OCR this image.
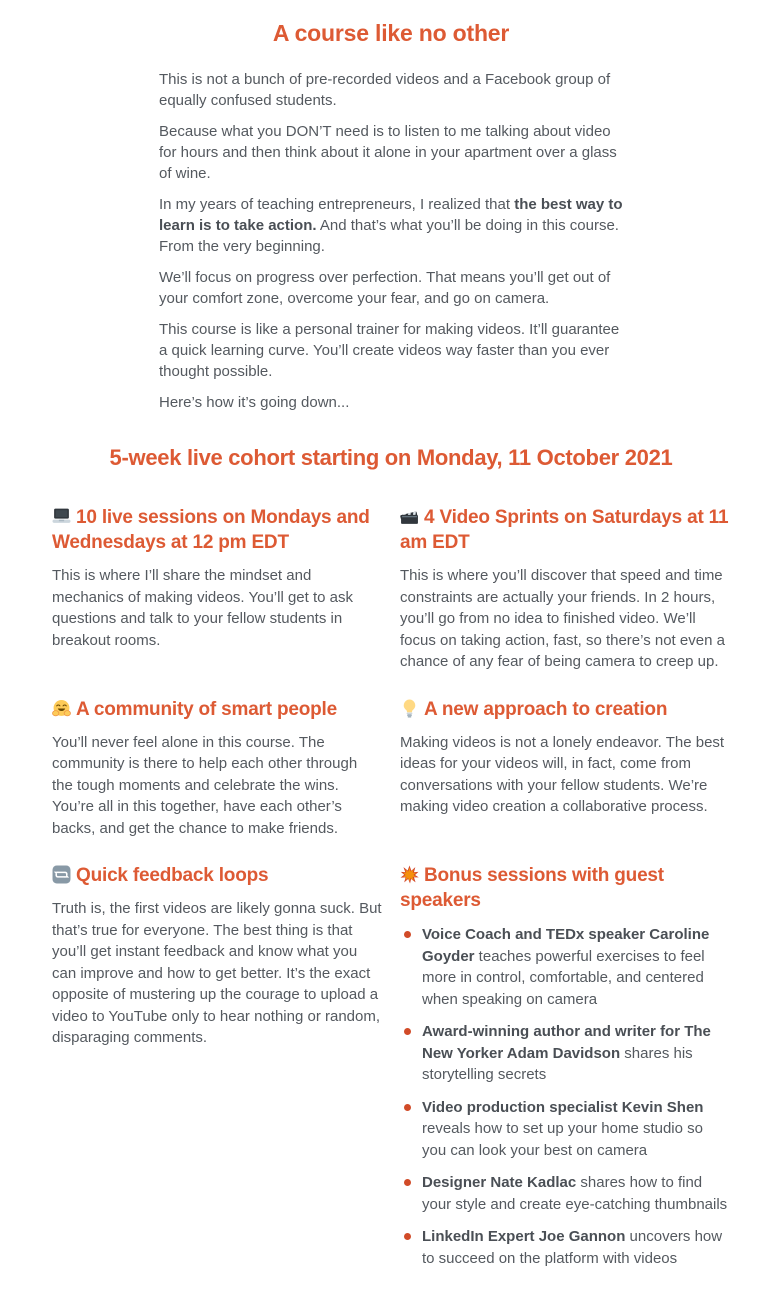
A course like no other

This is not a bunch of pre-recorded videos and a Facebook group of equally confused students.

Because what you DON’T need is to listen to me talking about video for hours and then think about it alone in your apartment over a glass of wine.

In my years of teaching entrepreneurs, I realized that the best way to learn is to take action. And that’s what you’ll be doing in this course. From the very beginning.

We’ll focus on progress over perfection. That means you’ll get out of your comfort zone, overcome your fear, and go on camera.

This course is like a personal trainer for making videos. It’ll guarantee a quick learning curve. You’ll create videos way faster than you ever thought possible.

Here’s how it’s going down...

5-week live cohort starting on Monday, 11 October 2021
10 live sessions on Mondays and Wednesdays at 12 pm EDT

This is where I’ll share the mindset and mechanics of making videos. You’ll get to ask questions and talk to your fellow students in breakout rooms.

4 Video Sprints on Saturdays at 11 am EDT

This is where you’ll discover that speed and time constraints are actually your friends. In 2 hours, you’ll go from no idea to finished video. We’ll focus on taking action, fast, so there’s not even a chance of any fear of being camera to creep up.

A community of smart people

You’ll never feel alone in this course. The community is there to help each other through the tough moments and celebrate the wins. You’re all in this together, have each other’s backs, and get the chance to make friends.

A new approach to creation

Making videos is not a lonely endeavor. The best ideas for your videos will, in fact, come from conversations with your fellow students. We’re making video creation a collaborative process.

Quick feedback loops

Truth is, the first videos are likely gonna suck. But that’s true for everyone. The best thing is that you’ll get instant feedback and know what you can improve and how to get better. It’s the exact opposite of mustering up the courage to upload a video to YouTube only to hear nothing or random, disparaging comments.

Bonus sessions with guest speakers
Voice Coach and TEDx speaker Caroline Goyder teaches powerful exercises to feel more in control, comfortable, and centered when speaking on camera
Award-winning author and writer for The New Yorker Adam Davidson shares his storytelling secrets
Video production specialist Kevin Shen reveals how to set up your home studio so you can look your best on camera
Designer Nate Kadlac shares how to find your style and create eye-catching thumbnails
LinkedIn Expert Joe Gannon uncovers how to succeed on the platform with videos
